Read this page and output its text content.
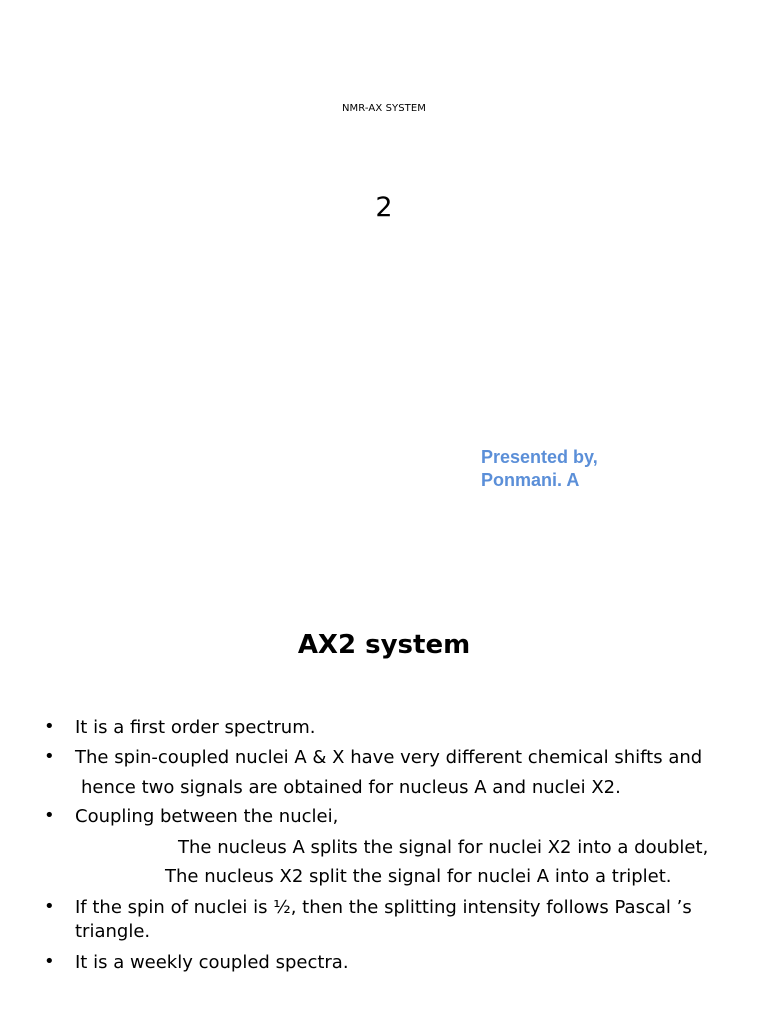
NMR-AX SYSTEM
2
Presented by,
Ponmani. A
AX2 system
• It is a first order spectrum.
• The spin-coupled nuclei A & X have very different chemical shifts and
hence two signals are obtained for nucleus A and nuclei X2.
• Coupling between the nuclei,
The nucleus A splits the signal for nuclei X2 into a doublet,
The nucleus X2 split the signal for nuclei A into a triplet.
• If the spin of nuclei is ½, then the splitting intensity follows Pascal ’s
triangle.
• It is a weekly coupled spectra.
